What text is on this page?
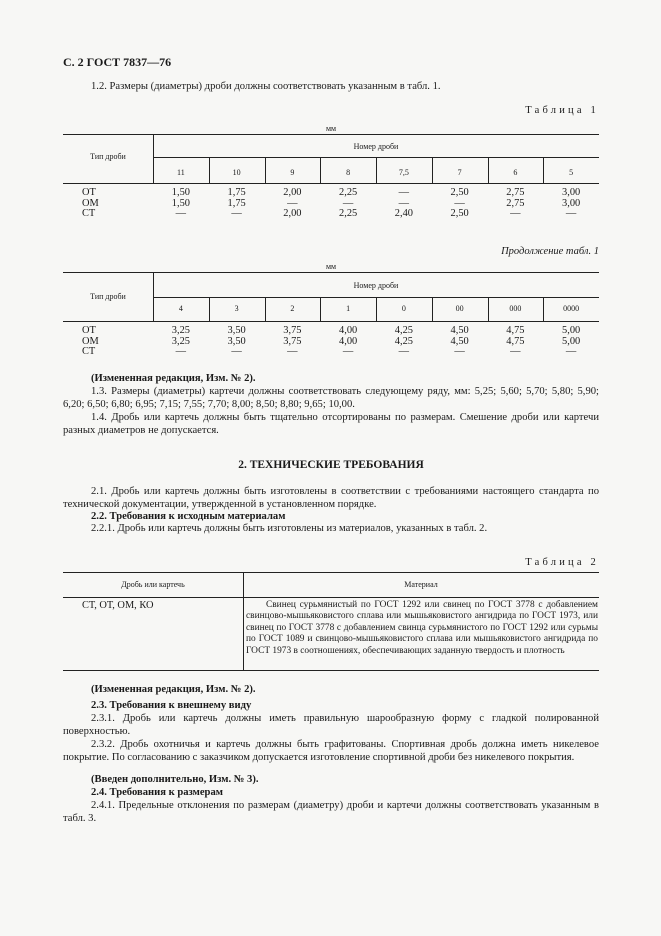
С. 2 ГОСТ 7837—76
1.2. Размеры (диаметры) дроби должны соответствовать указанным в табл. 1.
Таблица 1
мм
Тип дроби
Номер дроби
11	10	9	8	7,5	7	6	5
ОТ	1,50	1,75	2,00	2,25	—	2,50	2,75	3,00
ОМ	1,50	1,75	—	—	—	—	2,75	3,00
СТ	—	—	2,00	2,25	2,40	2,50	—	—
Продолжение табл. 1
мм
Тип дроби
Номер дроби
4	3	2	1	0	00	000	0000
ОТ	3,25	3,50	3,75	4,00	4,25	4,50	4,75	5,00
ОМ	3,25	3,50	3,75	4,00	4,25	4,50	4,75	5,00
СТ	—	—	—	—	—	—	—	—
(Измененная редакция, Изм. № 2).
1.3. Размеры (диаметры) картечи должны соответствовать следующему ряду, мм: 5,25; 5,60; 5,70; 5,80; 5,90; 6,20; 6,50; 6,80; 6,95; 7,15; 7,55; 7,70; 8,00; 8,50; 8,80; 9,65; 10,00.
1.4. Дробь или картечь должны быть тщательно отсортированы по размерам. Смешение дроби или картечи разных диаметров не допускается.
2. ТЕХНИЧЕСКИЕ ТРЕБОВАНИЯ
2.1. Дробь или картечь должны быть изготовлены в соответствии с требованиями настоящего стандарта по технической документации, утвержденной в установленном порядке.
2.2. Требования к исходным материалам
2.2.1. Дробь или картечь должны быть изготовлены из материалов, указанных в табл. 2.
Таблица 2
Дробь или картечь	Материал
СТ, ОТ, ОМ, КО	Свинец сурьмянистый по ГОСТ 1292 или свинец по ГОСТ 3778 с добавлением свинцово-мышьяковистого сплава или мышьяковистого ангидрида по ГОСТ 1973, или свинец по ГОСТ 3778 с добавлением свинца сурьмянистого по ГОСТ 1292 или сурьмы по ГОСТ 1089 и свинцово-мышьяковистого сплава или мышьяковистого ангидрида по ГОСТ 1973 в соотношениях, обеспечивающих заданную твердость и плотность
(Измененная редакция, Изм. № 2).
2.3. Требования к внешнему виду
2.3.1. Дробь или картечь должны иметь правильную шарообразную форму с гладкой полированной поверхностью.
2.3.2. Дробь охотничья и картечь должны быть графитованы. Спортивная дробь должна иметь никелевое покрытие. По согласованию с заказчиком допускается изготовление спортивной дроби без никелевого покрытия.
(Введен дополнительно, Изм. № 3).
2.4. Требования к размерам
2.4.1. Предельные отклонения по размерам (диаметру) дроби и картечи должны соответствовать указанным в табл. 3.
